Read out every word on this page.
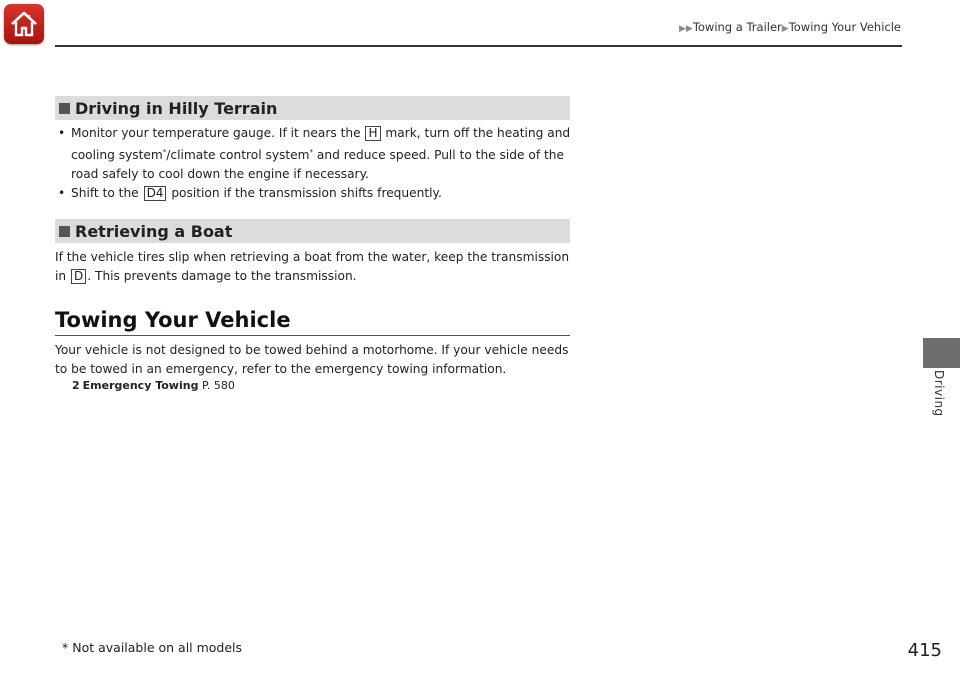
▶▶Towing a Trailer▶Towing Your Vehicle
Driving
Driving in Hilly Terrain
• Monitor your temperature gauge. If it nears the H mark, turn off the heating and cooling system*/climate control system* and reduce speed. Pull to the side of the road safely to cool down the engine if necessary.
• Shift to the D4 position if the transmission shifts frequently.
Retrieving a Boat
If the vehicle tires slip when retrieving a boat from the water, keep the transmission in D . This prevents damage to the transmission.
Towing Your Vehicle
Your vehicle is not designed to be towed behind a motorhome. If your vehicle needs to be towed in an emergency, refer to the emergency towing information.
2 Emergency Towing P. 580
* Not available on all models	415
